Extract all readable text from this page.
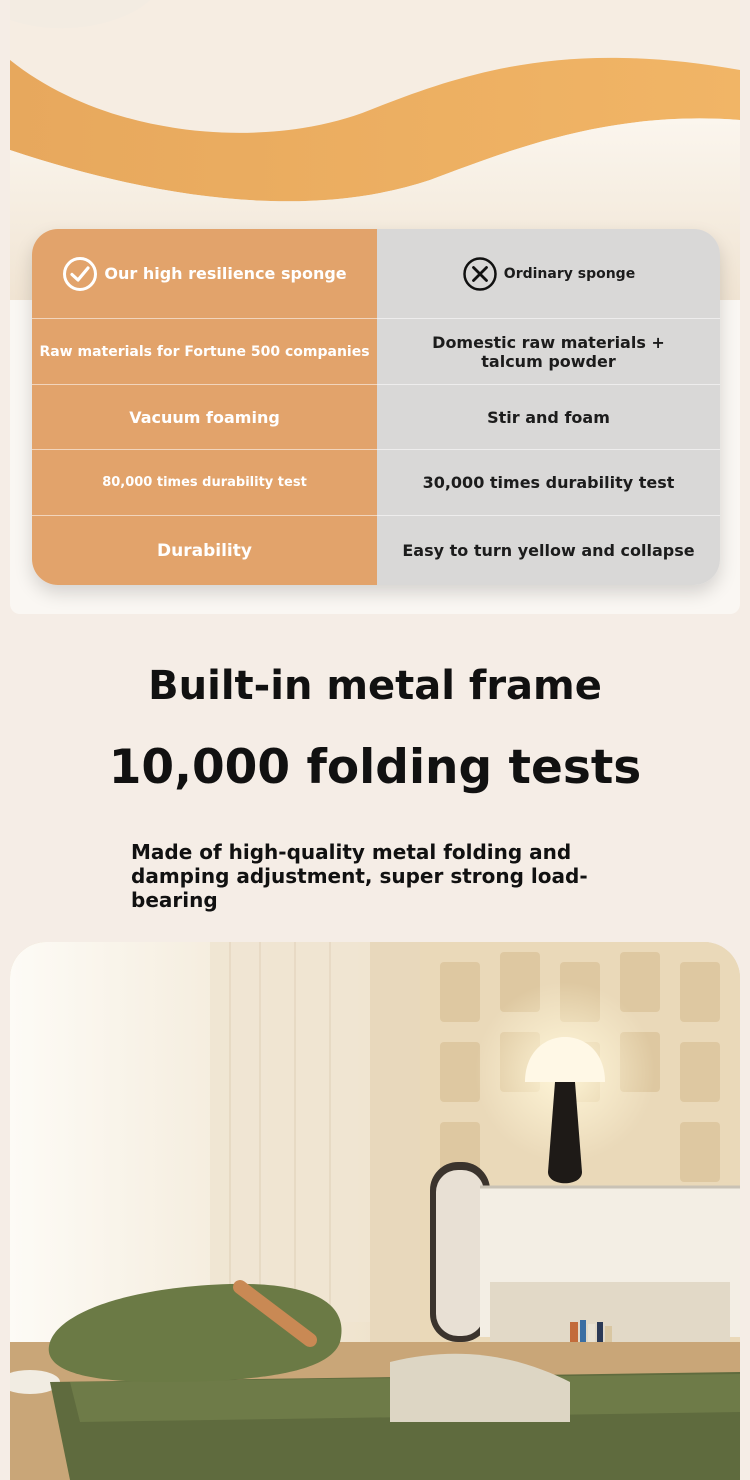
Our high resilience sponge
Raw materials for Fortune 500 companies
Vacuum foaming
80,000 times durability test
Durability
Ordinary sponge
Domestic raw materials + talcum powder
Stir and foam
30,000 times durability test
Easy to turn yellow and collapse
Built-in metal frame
10,000 folding tests
Made of high-quality metal folding and damping adjustment, super strong load-bearing
